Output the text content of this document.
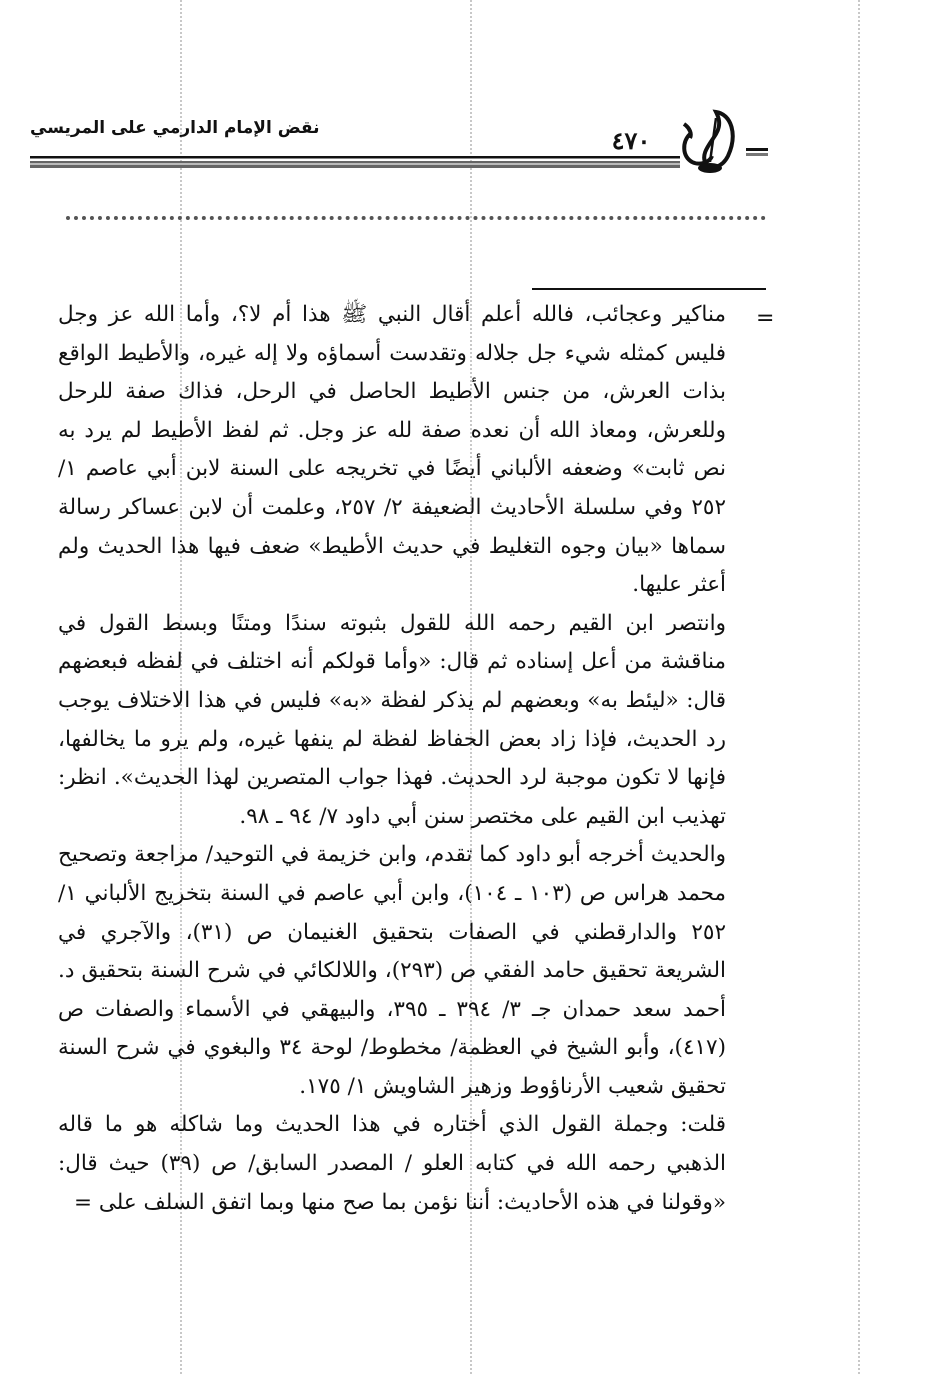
نقض الإمام الدارمي على المريسي	٤٧٠
=

مناكير وعجائب، فالله أعلم أقال النبي ﷺ هذا أم لا؟، وأما الله عز وجل فليس كمثله شيء جل جلاله وتقدست أسماؤه ولا إله غيره، والأطيط الواقع بذات العرش، من جنس الأطيط الحاصل في الرحل، فذاك صفة للرحل وللعرش، ومعاذ الله أن نعده صفة لله عز وجل. ثم لفظ الأطيط لم يرد به نص ثابت» وضعفه الألباني أيضًا في تخريجه على السنة لابن أبي عاصم ١/ ٢٥٢ وفي سلسلة الأحاديث الضعيفة ٢/ ٢٥٧، وعلمت أن لابن عساكر رسالة سماها «بيان وجوه التغليط في حديث الأطيط» ضعف فيها هذا الحديث ولم أعثر عليها.

وانتصر ابن القيم رحمه الله للقول بثبوته سندًا ومتنًا وبسط القول في مناقشة من أعل إسناده ثم قال: «وأما قولكم أنه اختلف في لفظه فبعضهم قال: «ليئط به» وبعضهم لم يذكر لفظة «به» فليس في هذا الاختلاف يوجب رد الحديث، فإذا زاد بعض الحفاظ لفظة لم ينفها غيره، ولم يرو ما يخالفها، فإنها لا تكون موجبة لرد الحديث. فهذا جواب المتصرين لهذا الحديث». انظر: تهذيب ابن القيم على مختصر سنن أبي داود ٧/ ٩٤ ـ ٩٨.

والحديث أخرجه أبو داود كما تقدم، وابن خزيمة في التوحيد/ مراجعة وتصحيح محمد هراس ص (١٠٣ ـ ١٠٤)، وابن أبي عاصم في السنة بتخريج الألباني ١/ ٢٥٢ والدارقطني في الصفات بتحقيق الغنيمان ص (٣١)، والآجري في الشريعة تحقيق حامد الفقي ص (٢٩٣)، واللالكائي في شرح السنة بتحقيق د. أحمد سعد حمدان جـ ٣/ ٣٩٤ ـ ٣٩٥، والبيهقي في الأسماء والصفات ص (٤١٧)، وأبو الشيخ في العظمة/ مخطوط/ لوحة ٣٤ والبغوي في شرح السنة تحقيق شعيب الأرناؤوط وزهير الشاويش ١/ ١٧٥.

قلت: وجملة القول الذي أختاره في هذا الحديث وما شاكله هو ما قاله الذهبي رحمه الله في كتابه العلو / المصدر السابق/ ص (٣٩) حيث قال: «وقولنا في هذه الأحاديث: أننا نؤمن بما صح منها وبما اتفق السلف على =
